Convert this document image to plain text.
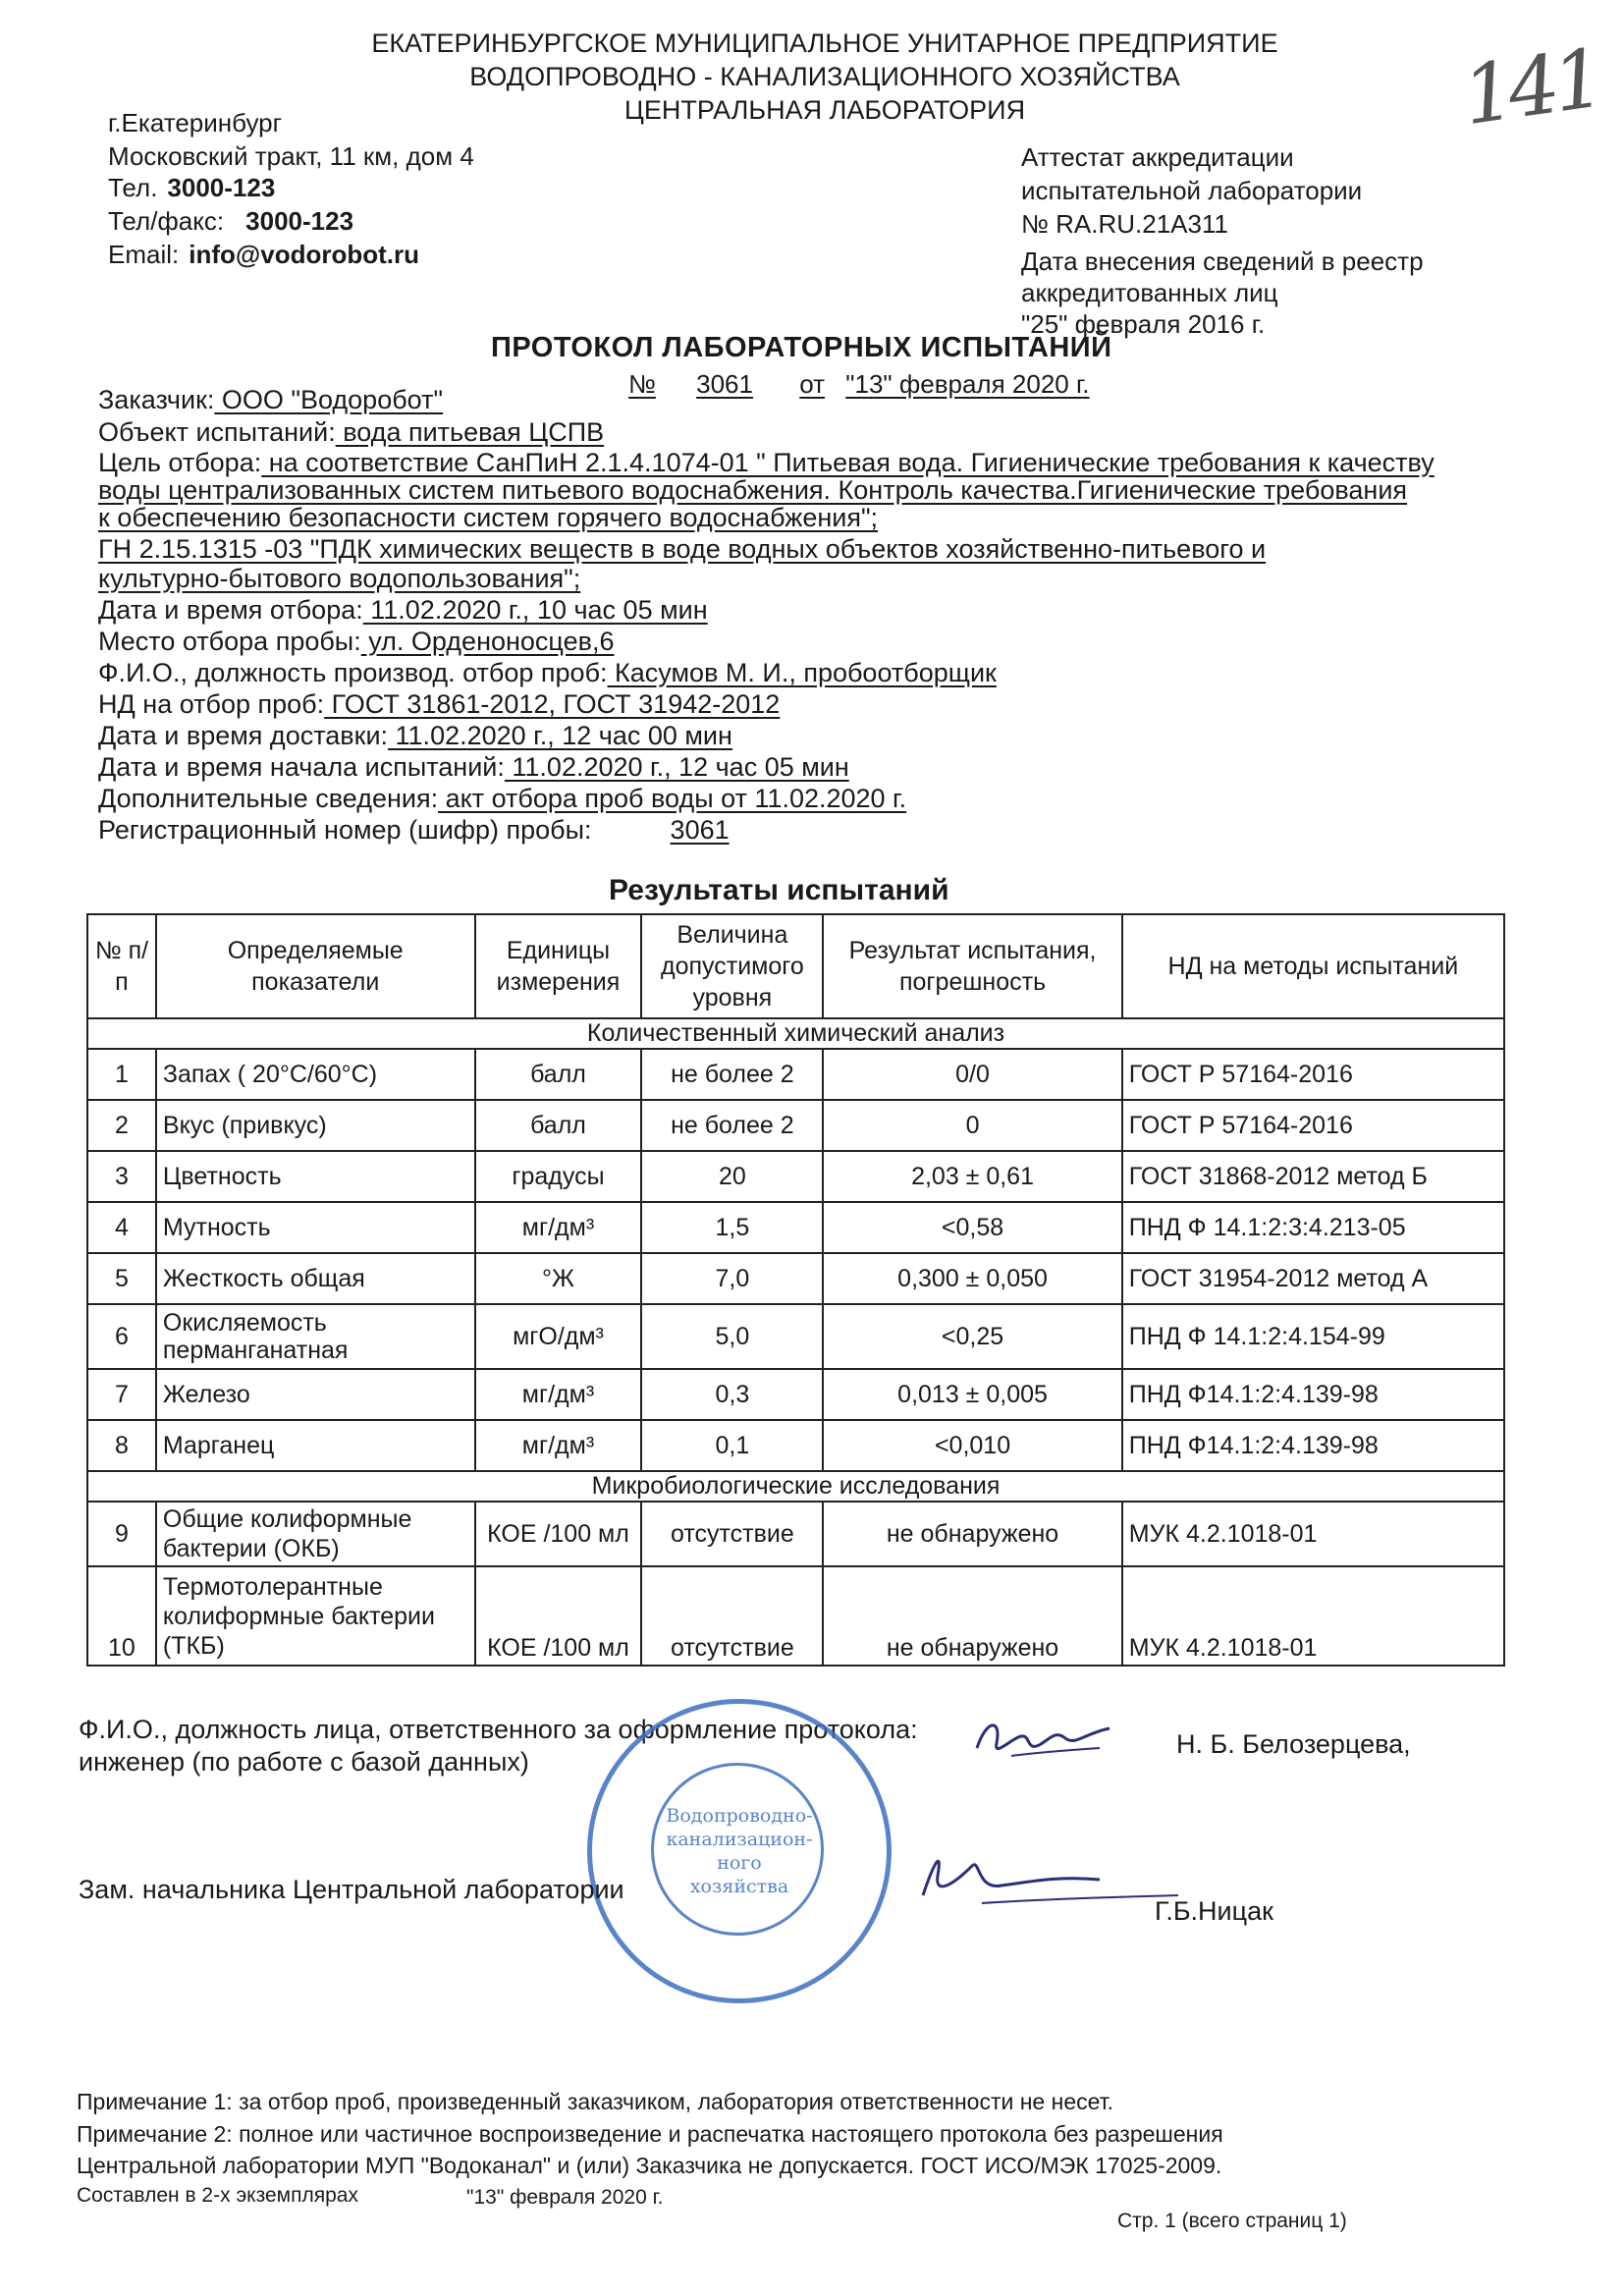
ЕКАТЕРИНБУРГСКОЕ МУНИЦИПАЛЬНОЕ УНИТАРНОЕ ПРЕДПРИЯТИЕ
ВОДОПРОВОДНО - КАНАЛИЗАЦИОННОГО ХОЗЯЙСТВА
ЦЕНТРАЛЬНАЯ ЛАБОРАТОРИЯ	141
г.Екатеринбург
Московский тракт, 11 км, дом 4
Тел. 3000-123
Тел/факс: 3000-123
Email: info@vodorobot.ru
Аттестат аккредитации
испытательной лаборатории
№ RA.RU.21A311
Дата внесения сведений в реестр
аккредитованных лиц
"25" февраля 2016 г.
ПРОТОКОЛ ЛАБОРАТОРНЫХ ИСПЫТАНИЙ
№ 3061 от "13" февраля 2020 г.
Заказчик: ООО "Водоробот"
Объект испытаний: вода питьевая ЦСПВ
Цель отбора: на соответствие СанПиН 2.1.4.1074-01 " Питьевая вода. Гигиенические требования к качеству
воды централизованных систем питьевого водоснабжения. Контроль качества.Гигиенические требования
к обеспечению безопасности систем горячего водоснабжения";
ГН 2.15.1315 -03 "ПДК химических веществ в воде водных объектов хозяйственно-питьевого и
культурно-бытового водопользования";
Дата и время отбора: 11.02.2020 г., 10 час 05 мин
Место отбора пробы: ул. Орденоносцев,6
Ф.И.О., должность производ. отбор проб: Касумов М. И., пробоотборщик
НД на отбор проб: ГОСТ 31861-2012, ГОСТ 31942-2012
Дата и время доставки: 11.02.2020 г., 12 час 00 мин
Дата и время начала испытаний: 11.02.2020 г., 12 час 05 мин
Дополнительные сведения: акт отбора проб воды от 11.02.2020 г.
Регистрационный номер (шифр) пробы:	3061
Результаты испытаний
№ п/п	Определяемые показатели	Единицы измерения	Величина допустимого уровня	Результат испытания, погрешность	НД на методы испытаний
Количественный химический анализ					
1	Запах ( 20°С/60°С)	балл	не более 2	0/0	ГОСТ Р 57164-2016
2	Вкус (привкус)	балл	не более 2	0	ГОСТ Р 57164-2016
3	Цветность	градусы	20	2,03 ± 0,61	ГОСТ 31868-2012 метод Б
4	Мутность	мг/дм³	1,5	<0,58	ПНД Ф 14.1:2:3:4.213-05
5	Жесткость общая	°Ж	7,0	0,300 ± 0,050	ГОСТ 31954-2012 метод А
6	Окисляемость перманганатная	мгО/дм³	5,0	<0,25	ПНД Ф 14.1:2:4.154-99
7	Железо	мг/дм³	0,3	0,013 ± 0,005	ПНД Ф14.1:2:4.139-98
8	Марганец	мг/дм³	0,1	<0,010	ПНД Ф14.1:2:4.139-98
Микробиологические исследования					
9	Общие колиформные бактерии (ОКБ)	КОЕ /100 мл	отсутствие	не обнаружено	МУК 4.2.1018-01
10	Термотолерантные колиформные бактерии (ТКБ)	КОЕ /100 мл	отсутствие	не обнаружено	МУК 4.2.1018-01
Ф.И.О., должность лица, ответственного за оформление протокола:
инженер (по работе с базой данных)
Н. Б. Белозерцева,
Водопроводно-
канализацион-
ного
хозяйства
Зам. начальника Центральной лаборатории
Г.Б.Ницак
Примечание 1: за отбор проб, произведенный заказчиком, лаборатория ответственности не несет.
Примечание 2: полное или частичное воспроизведение и распечатка настоящего протокола без разрешения
Центральной лаборатории МУП "Водоканал" и (или) Заказчика не допускается. ГОСТ ИСО/МЭК 17025-2009.
Составлен в 2-х экземплярах	"13" февраля 2020 г.
Стр. 1 (всего страниц 1)
